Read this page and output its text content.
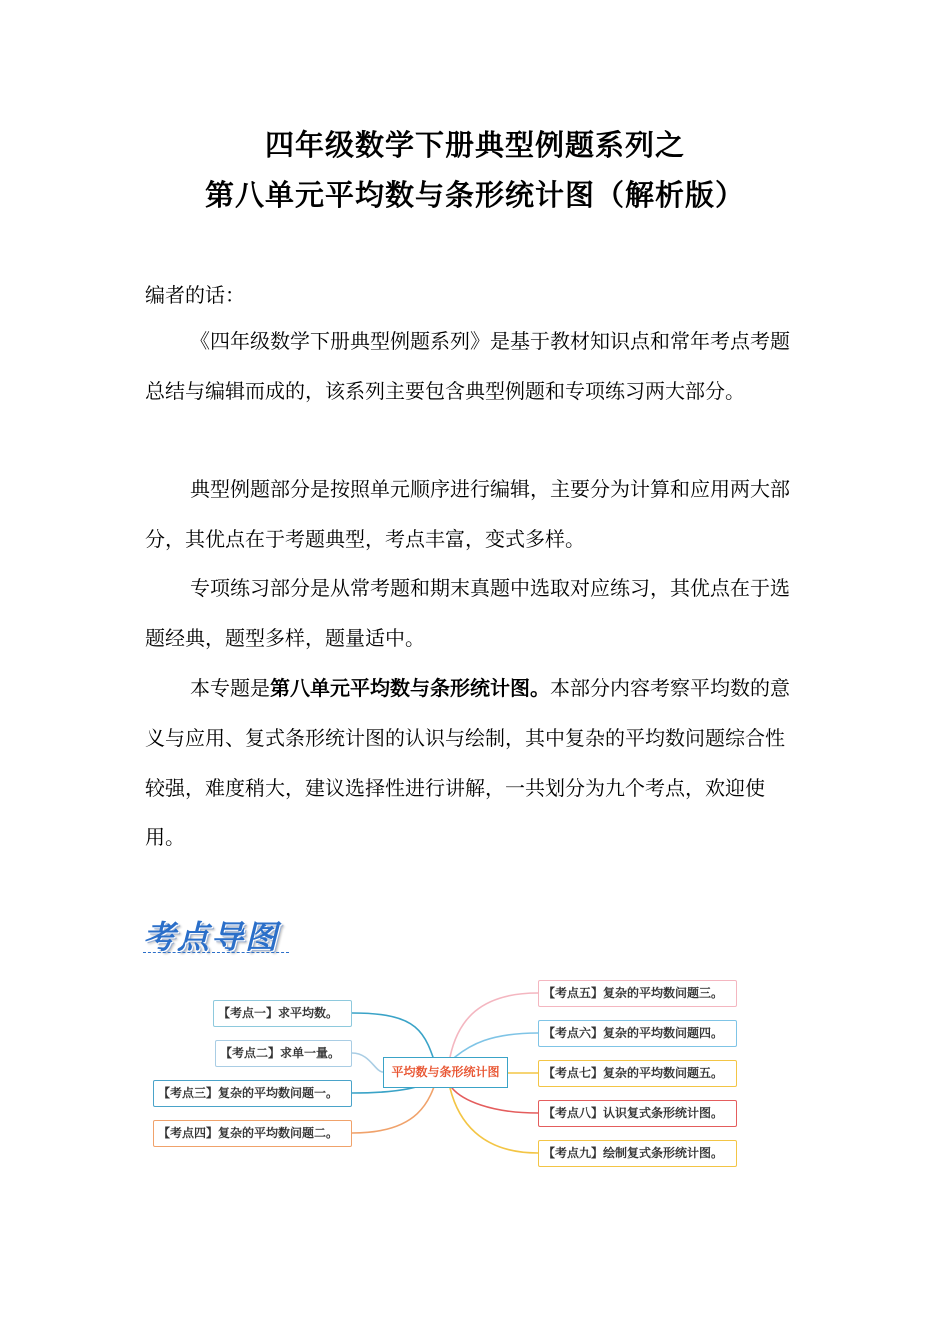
四年级数学下册典型例题系列之
第八单元平均数与条形统计图（解析版）
编者的话：

《四年级数学下册典型例题系列》是基于教材知识点和常年考点考题总结与编辑而成的，该系列主要包含典型例题和专项练习两大部分。

典型例题部分是按照单元顺序进行编辑，主要分为计算和应用两大部分，其优点在于考题典型，考点丰富，变式多样。

专项练习部分是从常考题和期末真题中选取对应练习，其优点在于选题经典，题型多样，题量适中。

本专题是第八单元平均数与条形统计图。本部分内容考察平均数的意义与应用、复式条形统计图的认识与绘制，其中复杂的平均数问题综合性较强，难度稍大，建议选择性进行讲解，一共划分为九个考点，欢迎使用。

考点导图
【考点一】求平均数。
【考点二】求单一量。
【考点三】复杂的平均数问题一。
【考点四】复杂的平均数问题二。
平均数与条形统计图
【考点五】复杂的平均数问题三。
【考点六】复杂的平均数问题四。
【考点七】复杂的平均数问题五。
【考点八】认识复式条形统计图。
【考点九】绘制复式条形统计图。
